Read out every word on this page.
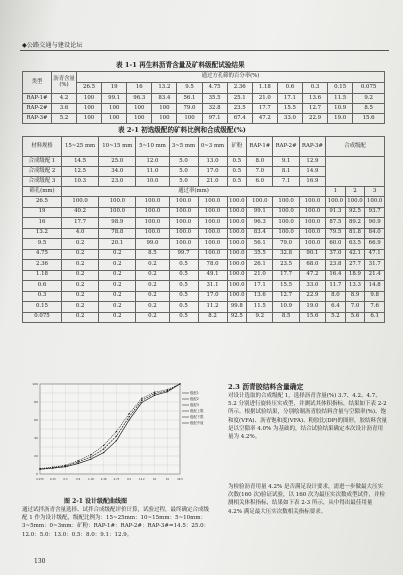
◆公路交通与建设论坛
表 1-1 再生料沥青含量及矿料级配试验结果
类型	沥青含量(%)	通过方孔筛的百分率(%)											
		26.5	19	16	13.2	9.5	4.75	2.36	1.18	0.6	0.3	0.15	0.075
RAP-1#	4.2	100	99.1	96.3	83.4	56.1	35.5	25.1	21.0	17.1	13.6	11.5	9.2
RAP-2#	3.6	100	100	100	100	79.0	32.8	23.5	17.7	15.5	12.7	10.9	8.5
RAP-3#	5.2	100	100	100	100	100	97.1	67.4	47.2	33.0	22.9	19.0	15.6
表 2-1 初选级配的矿料比例和合成级配(%)
材料规格	15~25 mm	10~15 mm	5~10 mm	3~5 mm	0~3 mm	矿粉	RAP-1#	RAP-2#	RAP-3#	合成级配		
合成级配 1	14.5	25.0	12.0	5.0	13.0	0.5	8.0	9.1	12.9			
合成级配 2	12.5	34.0	11.0	5.0	17.0	0.5	7.0	8.1	14.9			
合成级配 3	10.3	23.0	10.0	5.0	21.0	0.5	6.0	7.1	16.9			
筛孔(mm)	通过率(mm)									1	2	3
26.5	100.0	100.0	100.0	100.0	100.0	100.0	100.0	100.0	100.0	100.0	100.0	100.0
19	40.2	100.0	100.0	100.0	100.0	100.0	99.1	100.0	100.0	91.3	92.5	93.7
16	17.7	98.9	100.0	100.0	100.0	100.0	96.3	100.0	100.0	87.5	89.2	90.9
13.2	4.0	78.8	100.0	100.0	100.0	100.0	83.4	100.0	100.0	79.5	81.8	84.0
9.5	0.2	20.1	99.0	100.0	100.0	100.0	56.1	79.0	100.0	60.0	63.5	66.9
4.75	0.2	0.2	8.5	99.7	100.0	100.0	35.5	32.8	90.1	37.0	42.1	47.1
2.36	0.2	0.2	0.2	0.5	78.0	100.0	26.1	23.5	68.0	23.8	27.7	31.7
1.18	0.2	0.2	0.2	0.5	49.1	100.0	21.0	17.7	47.2	16.4	18.9	21.4
0.6	0.2	0.2	0.2	0.5	31.1	100.0	17.1	15.5	33.0	11.7	13.3	14.8
0.3	0.2	0.2	0.2	0.5	17.0	100.0	13.6	12.7	22.9	8.0	8.9	9.8
0.15	0.2	0.2	0.2	0.5	11.2	99.8	11.5	10.9	19.0	6.4	7.0	7.6
0.075	0.2	0.2	0.2	0.5	8.2	92.5	9.2	8.5	15.6	5.2	5.6	6.1
0.075 0.15	0.3	0.6	1.18	2.36	4.75	9.5	13.2	16	19	26.5
0
20
40
60
80
100
级配1
级配2
级配3
级配上限
级配下限
级配中值
图 2-1 设计级配曲线图
通过试拌沥青含量选择、试拌合成级配评价计算，试验过程，最终确定合成级配 1 作为设计级配，级配比例为：15~25mm：10~15mm：5~10mm：3~5mm：0~3mm：矿粉：RAP-1#：RAP-2#：RAP-3#=14.5：25.0：12.0：5.0：13.0：0.5：8.0：9.1：12.9。
2.3 沥青胶结料含量确定
对设计选取的合成级配 1，选择沥青含量(%) 3.7、4.2、4.7、5.2 分别进行旋转压实成型，并测试其体积指标，结果如下表 2-2 所示。根据试验结果，分别绘制沥青胶结料含量与空隙率(%)、饱和度(VFA)、沥青饱和度(VFA)、粉胶比(DP)的图形，胶结料含量是以空隙率 4.0% 为基础的，结合试验结果确定本次设计沥青用量为 4.2%。
为检验沥青用量 4.2% 是否满足设计要求，需进一步做最大压实次数(160 次)验证试验，以 160 次为最压实次数成型试件，并检测相关体积指标，结果如下表 2-3 所示，从中得出最佳用量 4.2% 满足最大压实次数相关指标要求。
130
